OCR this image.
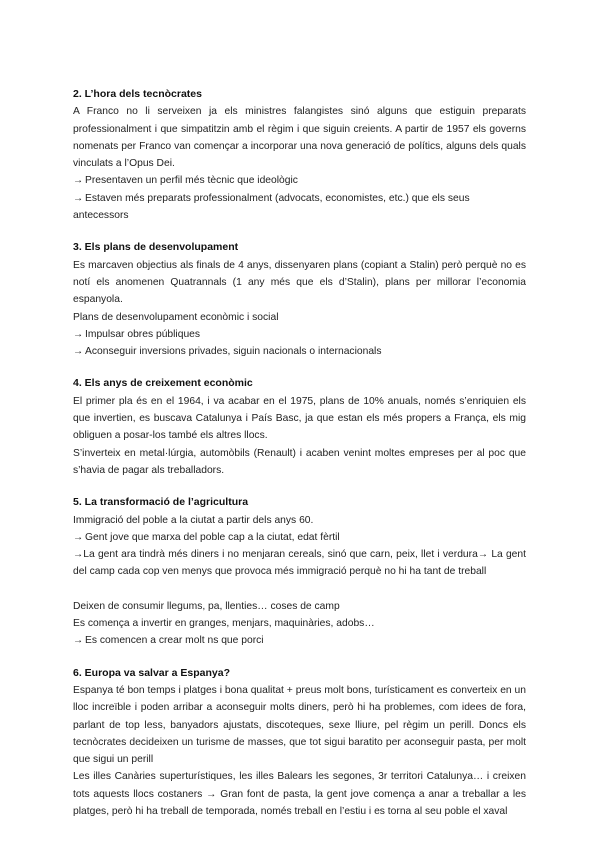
2. L’hora dels tecnòcrates

A Franco no li serveixen ja els ministres falangistes sinó alguns que estiguin preparats professionalment i que simpatitzin amb el règim i que siguin creients. A partir de 1957 els governs nomenats per Franco van començar a incorporar una nova generació de polítics, alguns dels quals vinculats a l’Opus Dei.

→ Presentaven un perfil més tècnic que ideològic
→ Estaven més preparats professionalment (advocats, economistes, etc.) que els seus antecessors
3. Els plans de desenvolupament

Es marcaven objectius als finals de 4 anys, dissenyaren plans (copiant a Stalin) però perquè no es notí els anomenen Quatrannals (1 any més que els d’Stalin), plans per millorar l’economia espanyola.

Plans de desenvolupament econòmic i social

→ Impulsar obres públiques
→ Aconseguir inversions privades, siguin nacionals o internacionals
4. Els anys de creixement econòmic

El primer pla és en el 1964, i va acabar en el 1975, plans de 10% anuals, només s’enriquien els que invertien, es buscava Catalunya i País Basc, ja que estan els més propers a França, els mig obliguen a posar-los també els altres llocs.

S’inverteix en metal·lúrgia, automòbils (Renault) i acaben venint moltes empreses per al poc que s’havia de pagar als treballadors.

5. La transformació de l’agricultura

Immigració del poble a la ciutat a partir dels anys 60.

→ Gent jove que marxa del poble cap a la ciutat, edat fèrtil

→La gent ara tindrà més diners i no menjaran cereals, sinó que carn, peix, llet i verdura→ La gent del camp cada cop ven menys que provoca més immigració perquè no hi ha tant de treball

Deixen de consumir llegums, pa, llenties… coses de camp

Es comença a invertir en granges, menjars, maquinàries, adobs…

→ Es comencen a crear molt ns que porci
6. Europa va salvar a Espanya?

Espanya té bon temps i platges i bona qualitat + preus molt bons, turísticament es converteix en un lloc increïble i poden arribar a aconseguir molts diners, però hi ha problemes, com idees de fora, parlant de top less, banyadors ajustats, discoteques, sexe lliure, pel règim un perill. Doncs els tecnòcrates decideixen un turisme de masses, que tot sigui baratito per aconseguir pasta, per molt que sigui un perill

Les illes Canàries superturístiques, les illes Balears les segones, 3r territori Catalunya… i creixen tots aquests llocs costaners → Gran font de pasta, la gent jove comença a anar a treballar a les platges, però hi ha treball de temporada, només treball en l’estiu i es torna al seu poble el xaval
